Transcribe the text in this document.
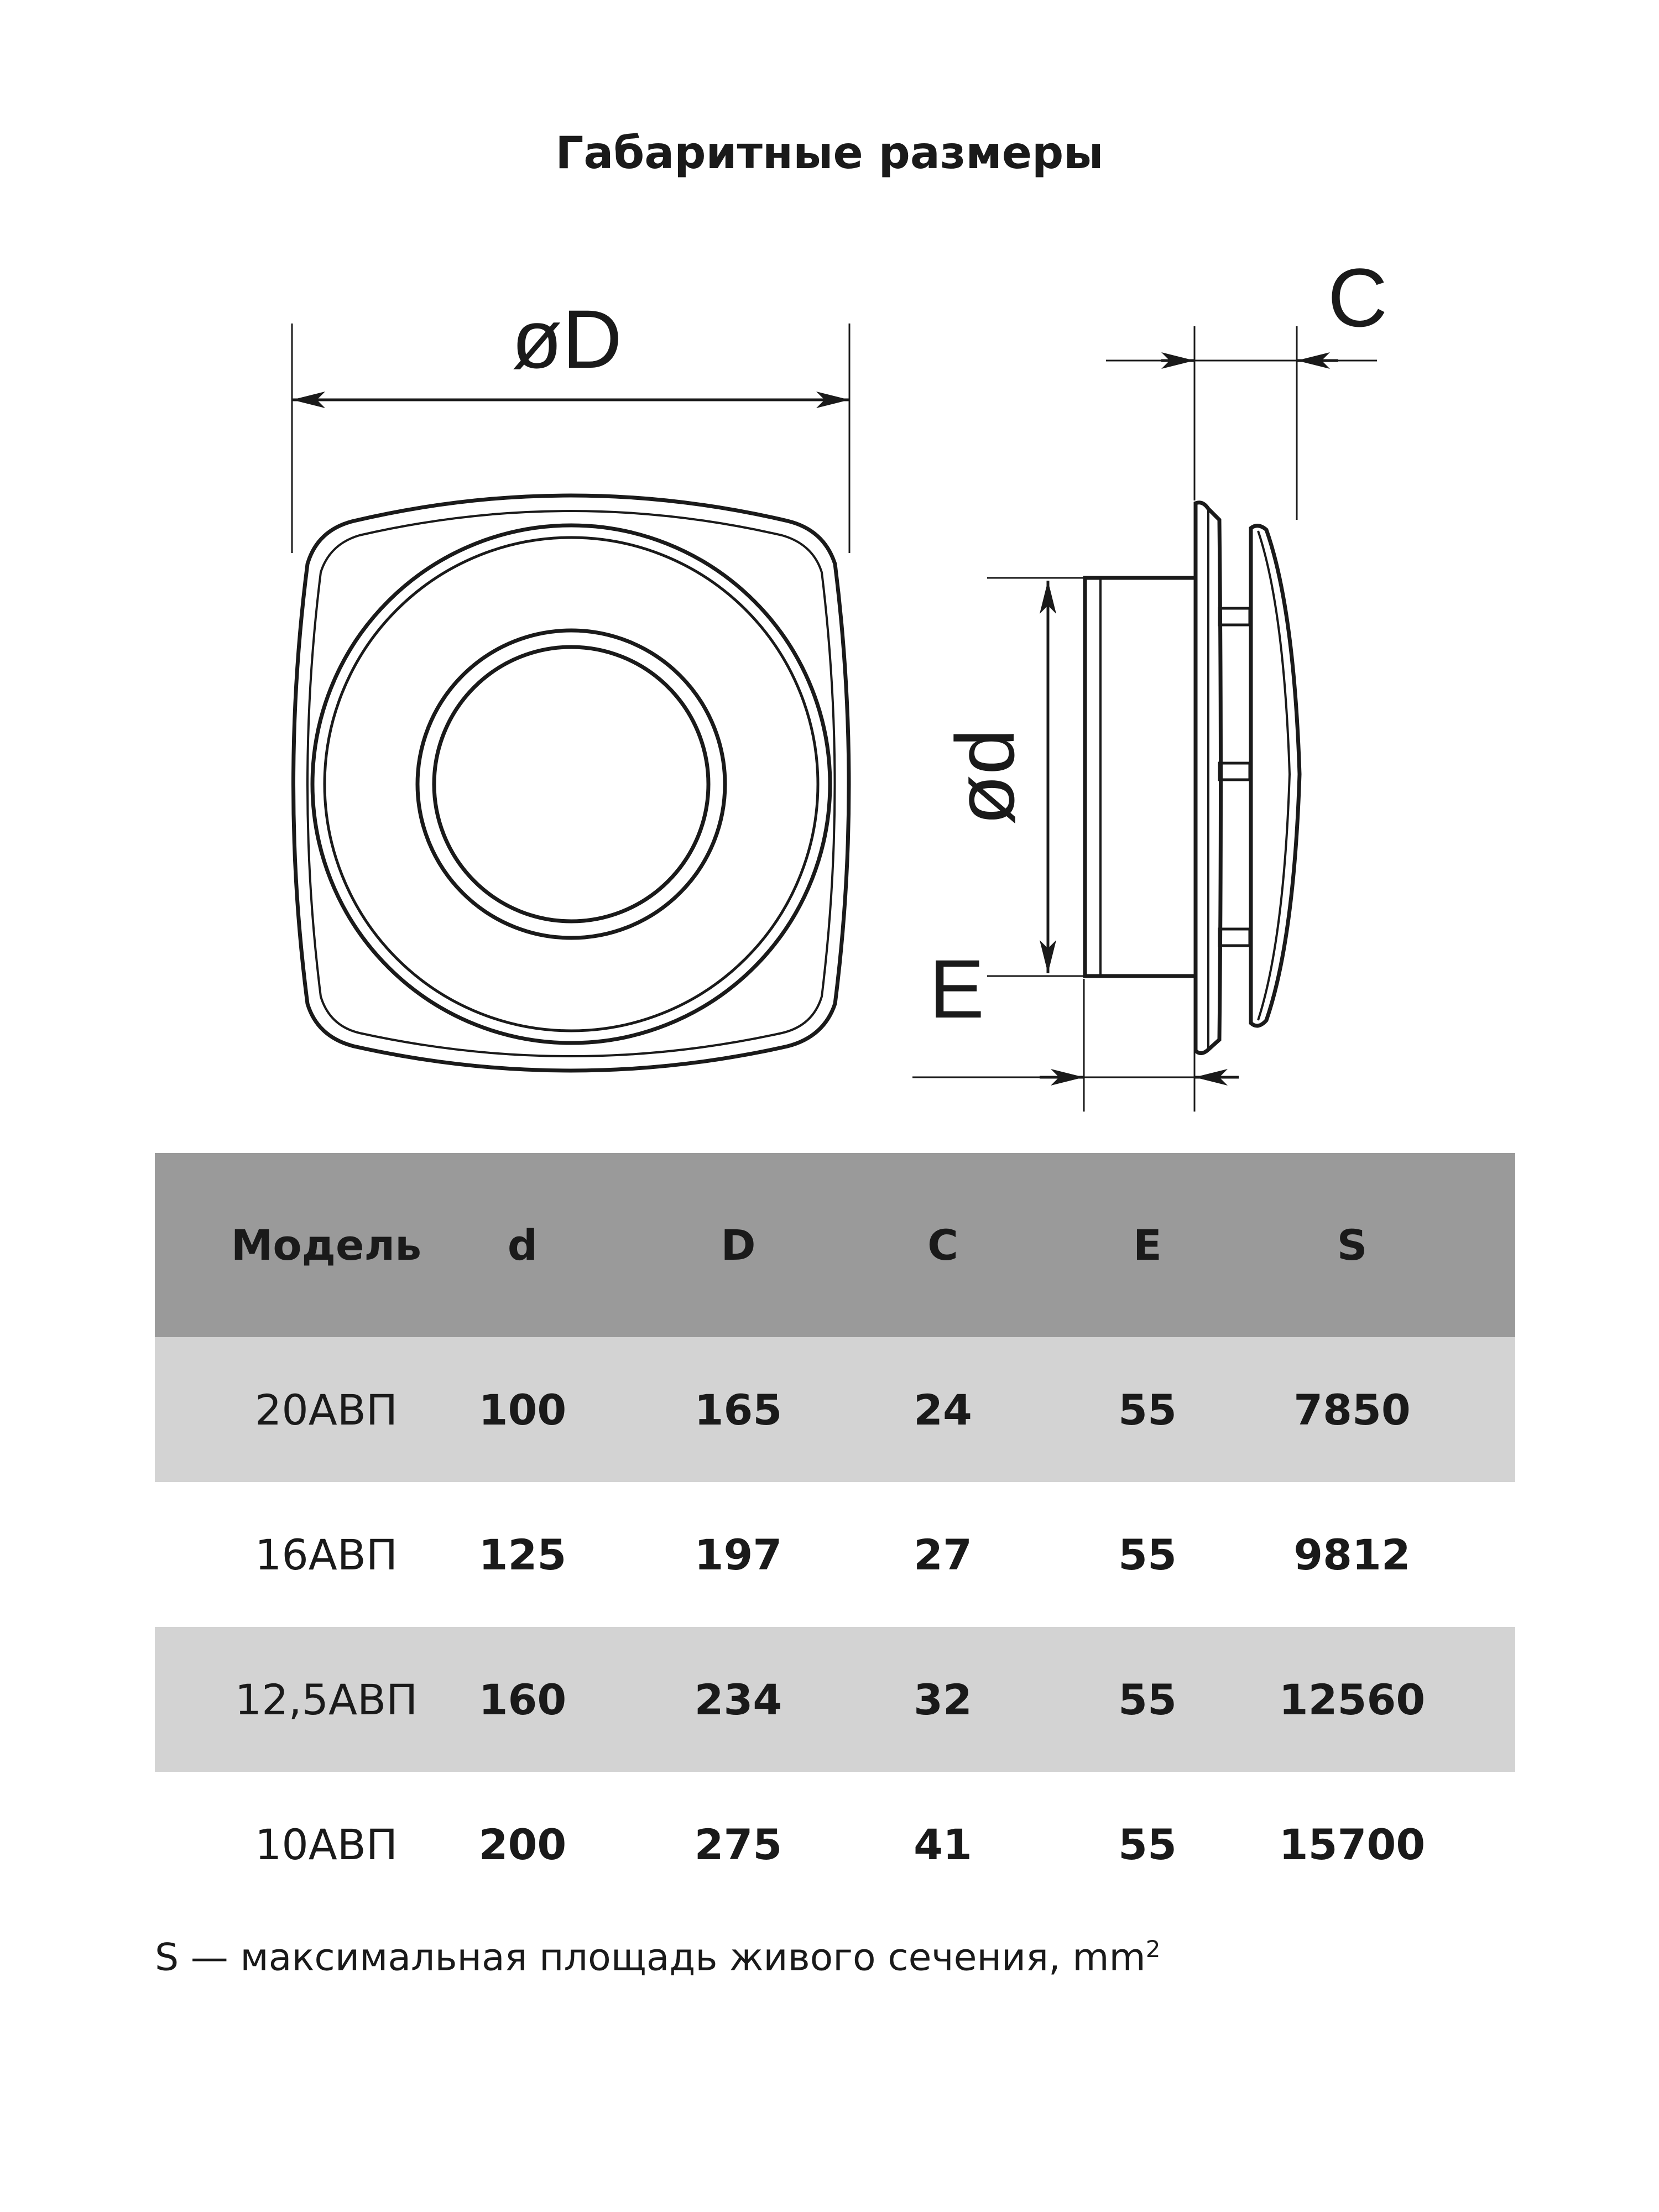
Габаритные размеры
øD	C
E
ød
Модель	d	D	C	E	S
20АВП	100	165	24	55	7850
16АВП	125	197	27	55	9812
12,5АВП	160	234	32	55	12560
10АВП	200	275	41	55	15700
S — максимальная площадь живого сечения, $mm^2$
